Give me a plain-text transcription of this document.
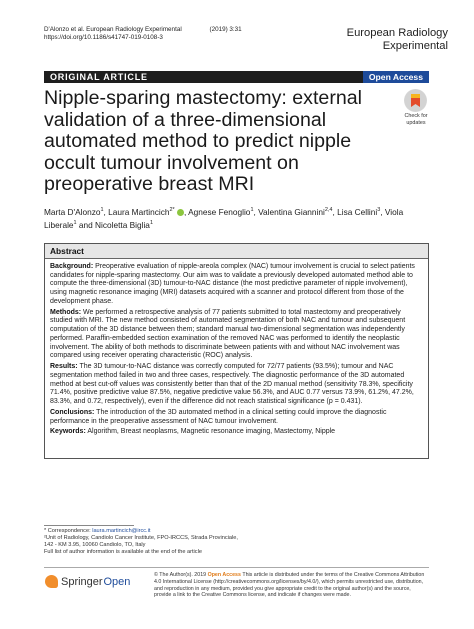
D'Alonzo et al. European Radiology Experimental	(2019) 3:31
https://doi.org/10.1186/s41747-019-0108-3	European Radiology
Experimental
ORIGINAL ARTICLE	Open Access
Nipple-sparing mastectomy: external validation of a three-dimensional automated method to predict nipple occult tumour involvement on preoperative breast MRI
Check for
updates
Marta D'Alonzo$^1$, Laura Martincich$^{2*}$ , Agnese Fenoglio$^1$, Valentina Giannini$^{2,4}$, Lisa Cellini$^3$, Viola Liberale$^1$ and Nicoletta Biglia$^1$
Abstract

Background: Preoperative evaluation of nipple-areola complex (NAC) tumour involvement is crucial to select patients candidates for nipple-sparing mastectomy. Our aim was to validate a previously developed automated method able to compute the three-dimensional (3D) tumour-to-NAC distance (the most predictive parameter of nipple involvement), using magnetic resonance imaging (MRI) datasets acquired with a scanner and protocol different from those of the development phase.

Methods: We performed a retrospective analysis of 77 patients submitted to total mastectomy and preoperatively studied with MRI. The new method consisted of automated segmentation of both NAC and tumour and subsequent computation of the 3D distance between them; standard manual two-dimensional segmentation was independently performed. Paraffin-embedded section examination of the removed NAC was performed to identify the neoplastic involvement. The ability of both methods to discriminate between patients with and without NAC involvement was compared using receiver operating characteristic (ROC) analysis.

Results: The 3D tumour-to-NAC distance was correctly computed for 72/77 patients (93.5%); tumour and NAC segmentation method failed in two and three cases, respectively. The diagnostic performance of the 3D automated method at best cut-off values was consistently better than that of the 2D manual method (sensitivity 78.3%, specificity 71.4%, positive predictive value 87.5%, negative predictive value 56.3%, and AUC 0.77 versus 73.9%, 61.2%, 47.2%, 83.3%, and 0.72, respectively), even if the difference did not reach statistical significance (p = 0.431).

Conclusions: The introduction of the 3D automated method in a clinical setting could improve the diagnostic performance in the preoperative assessment of NAC tumour involvement.

Keywords: Algorithm, Breast neoplasms, Magnetic resonance imaging, Mastectomy, Nipple

* Correspondence: laura.martincich@ircc.it
²Unit of Radiology, Candiolo Cancer Institute, FPO-IRCCS, Strada Provinciale, 142 - KM 3.95, 10060 Candiolo, TO, Italy
Full list of author information is available at the end of the article
Springer Open
© The Author(s). 2019 Open Access This article is distributed under the terms of the Creative Commons Attribution 4.0 International License (http://creativecommons.org/licenses/by/4.0/), which permits unrestricted use, distribution, and reproduction in any medium, provided you give appropriate credit to the original author(s) and the source, provide a link to the Creative Commons license, and indicate if changes were made.
